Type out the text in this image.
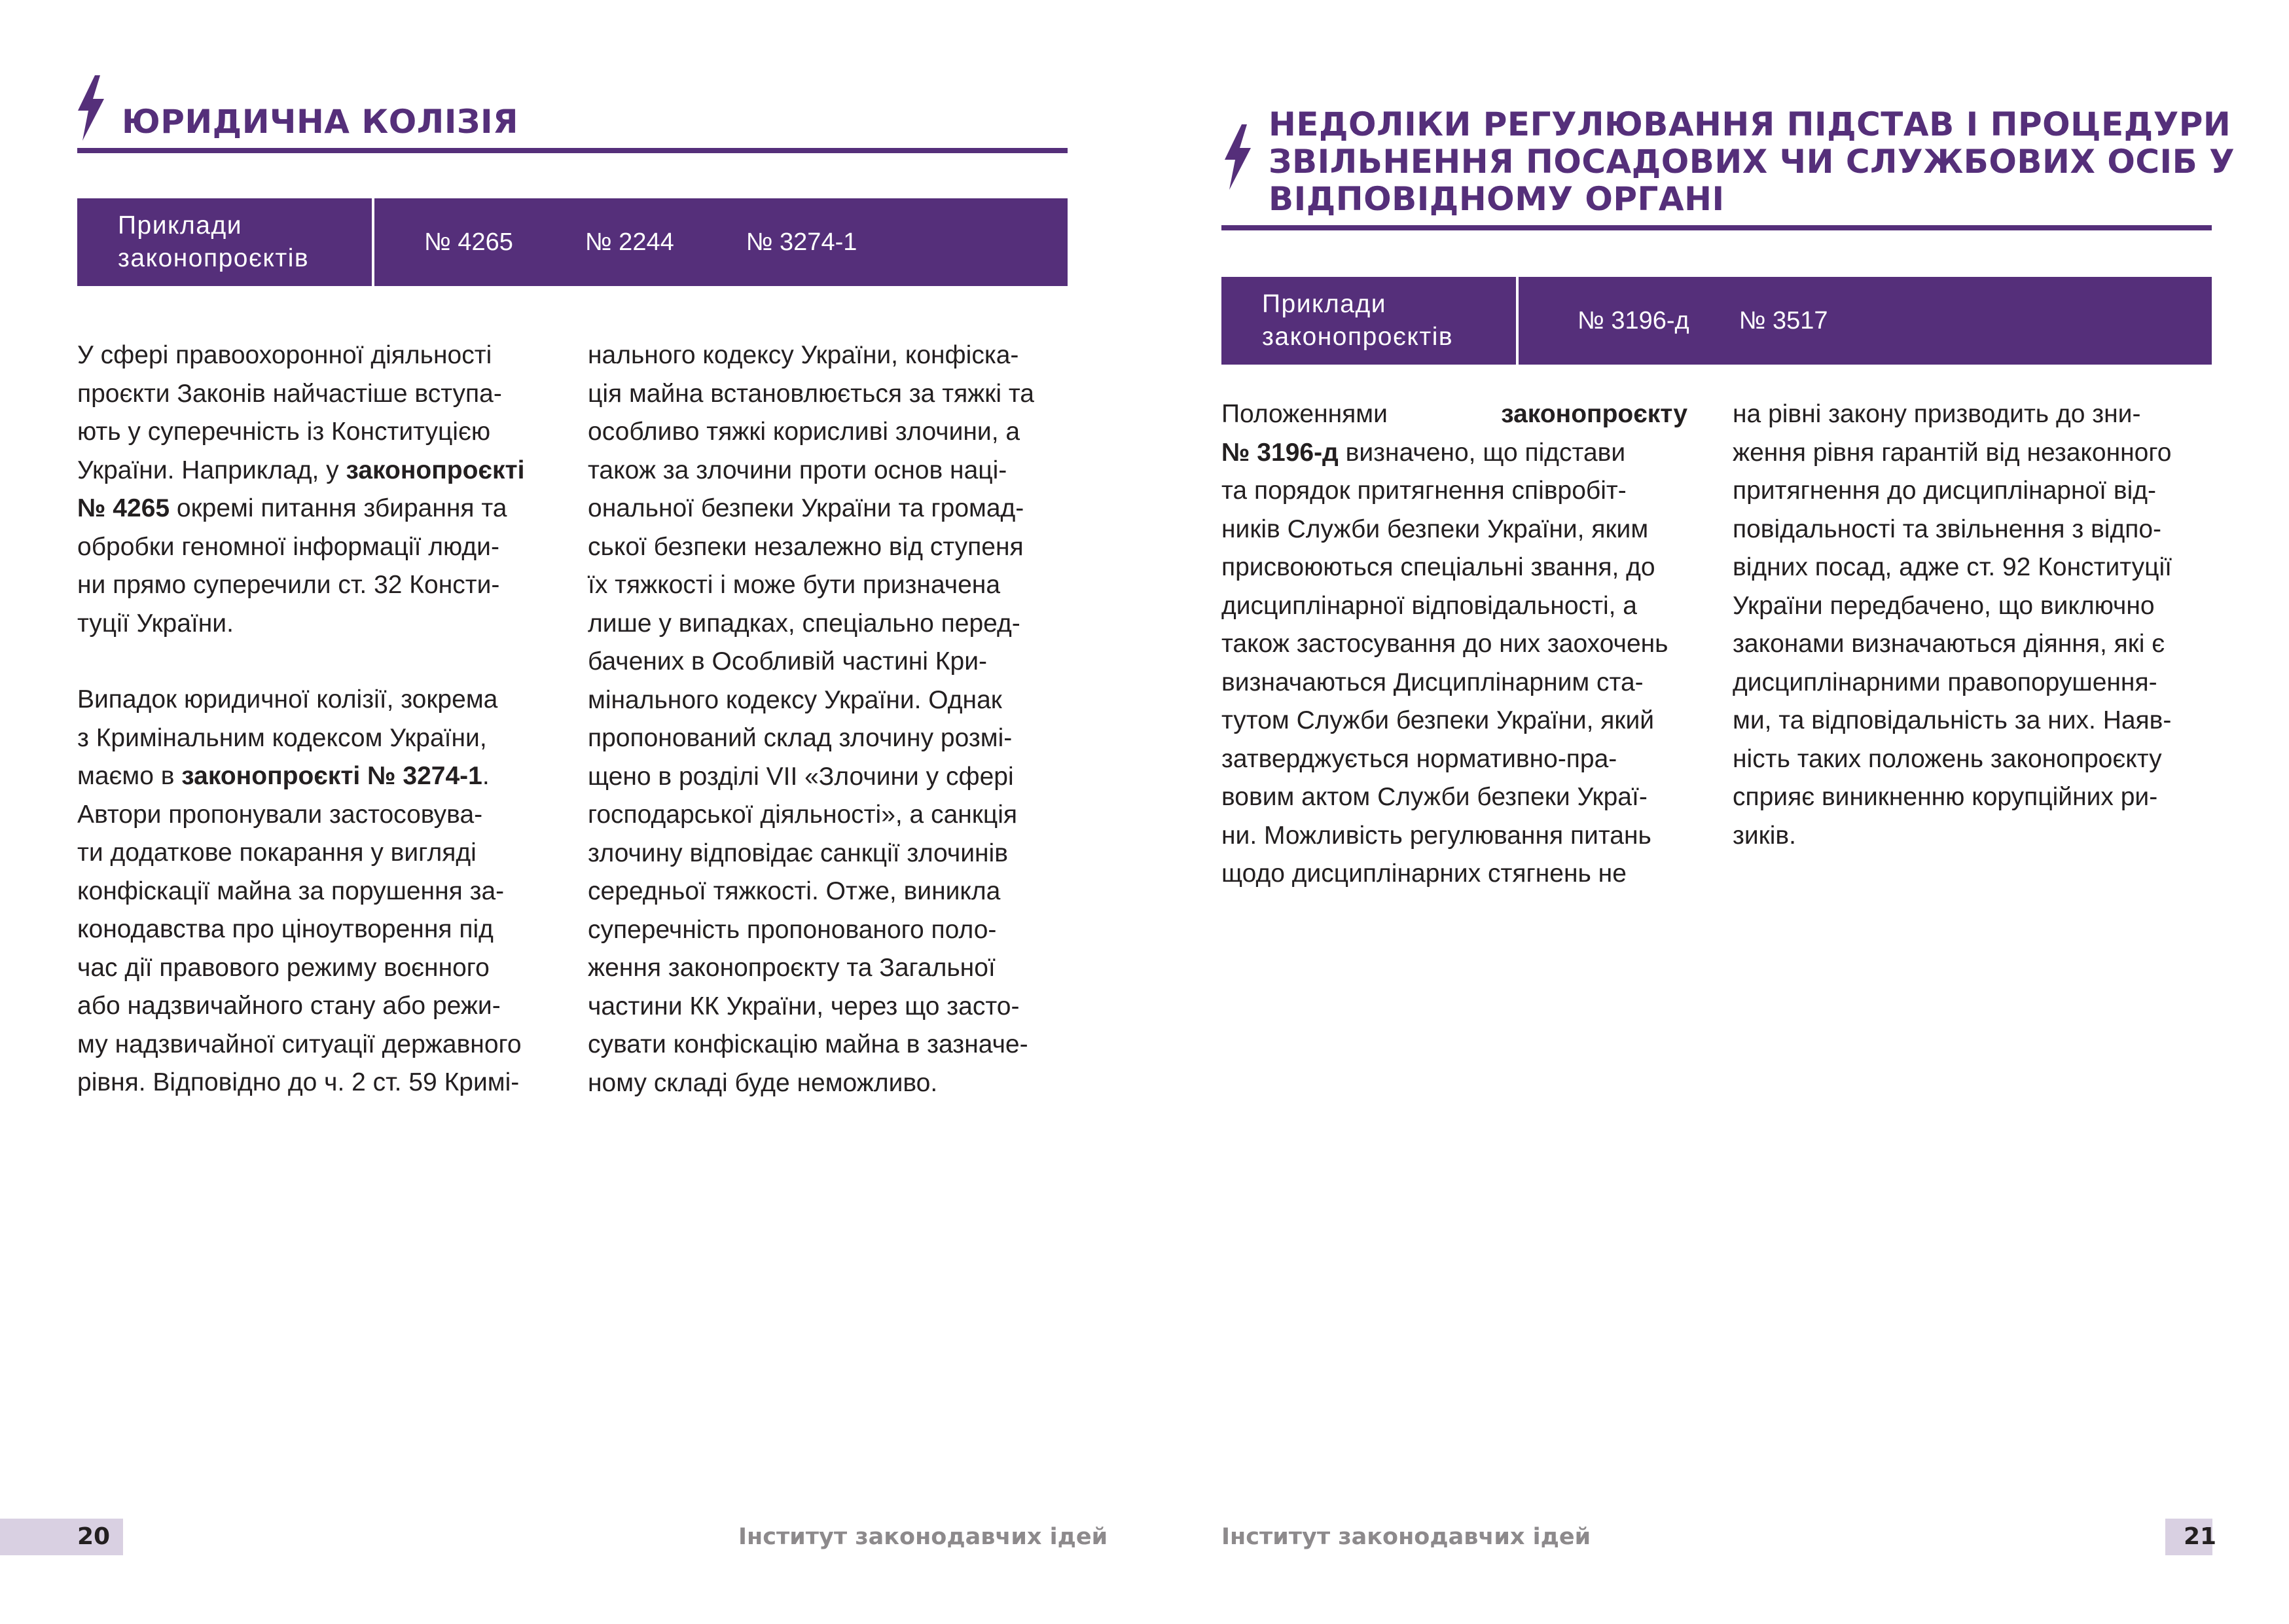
ЮРИДИЧНА КОЛІЗІЯ
Приклади
законопроєктів
№ 4265	№ 2244	№ 3274-1

У сфері правоохоронної діяльності
проєкти Законів найчастіше вступа-
ють у суперечність із Конституцією
України. Наприклад, у законопроєкті
№ 4265 окремі питання збирання та
обробки геномної інформації люди-
ни прямо суперечили ст. 32 Консти-
туції України.

Випадок юридичної колізії, зокрема
з Кримінальним кодексом України,
маємо в законопроєкті № 3274-1.
Автори пропонували застосовува-
ти додаткове покарання у вигляді
конфіскації майна за порушення за-
конодавства про ціноутворення під
час дії правового режиму воєнного
або надзвичайного стану або режи-
му надзвичайної ситуації державного
рівня. Відповідно до ч. 2 ст. 59 Кримі-

нального кодексу України, конфіска-
ція майна встановлюється за тяжкі та
особливо тяжкі корисливі злочини, а
також за злочини проти основ наці-
ональної безпеки України та громад-
ської безпеки незалежно від ступеня
їх тяжкості і може бути призначена
лише у випадках, спеціально перед-
бачених в Особливій частині Кри-
мінального кодексу України. Однак
пропонований склад злочину розмі-
щено в розділі VII «Злочини у сфері
господарської діяльності», а санкція
злочину відповідає санкції злочинів
середньої тяжкості. Отже, виникла
суперечність пропонованого поло-
ження законопроєкту та Загальної
частини КК України, через що засто-
сувати конфіскацію майна в зазначе-
ному складі буде неможливо.

20	Інститут законодавчих ідей
НЕДОЛІКИ РЕГУЛЮВАННЯ ПІДСТАВ І ПРОЦЕДУРИ
ЗВІЛЬНЕННЯ ПОСАДОВИХ ЧИ СЛУЖБОВИХ ОСІБ У
ВІДПОВІДНОМУ ОРГАНІ
Приклади
законопроєктів
№ 3196-д № 3517

Положеннями                законопроєкту
№ 3196-д визначено, що підстави
та порядок притягнення співробіт-
ників Служби безпеки України, яким
присвоюються спеціальні звання, до
дисциплінарної відповідальності, а
також застосування до них заохочень
визначаються Дисциплінарним ста-
тутом Служби безпеки України, який
затверджується нормативно-пра-
вовим актом Служби безпеки Украї-
ни. Можливість регулювання питань
щодо дисциплінарних стягнень не

на рівні закону призводить до зни-
ження рівня гарантій від незаконного
притягнення до дисциплінарної від-
повідальності та звільнення з відпо-
відних посад, адже ст. 92 Конституції
України передбачено, що виключно
законами визначаються діяння, які є
дисциплінарними правопорушення-
ми, та відповідальність за них. Наяв-
ність таких положень законопроєкту
сприяє виникненню корупційних ри-
зиків.

Інститут законодавчих ідей	21
